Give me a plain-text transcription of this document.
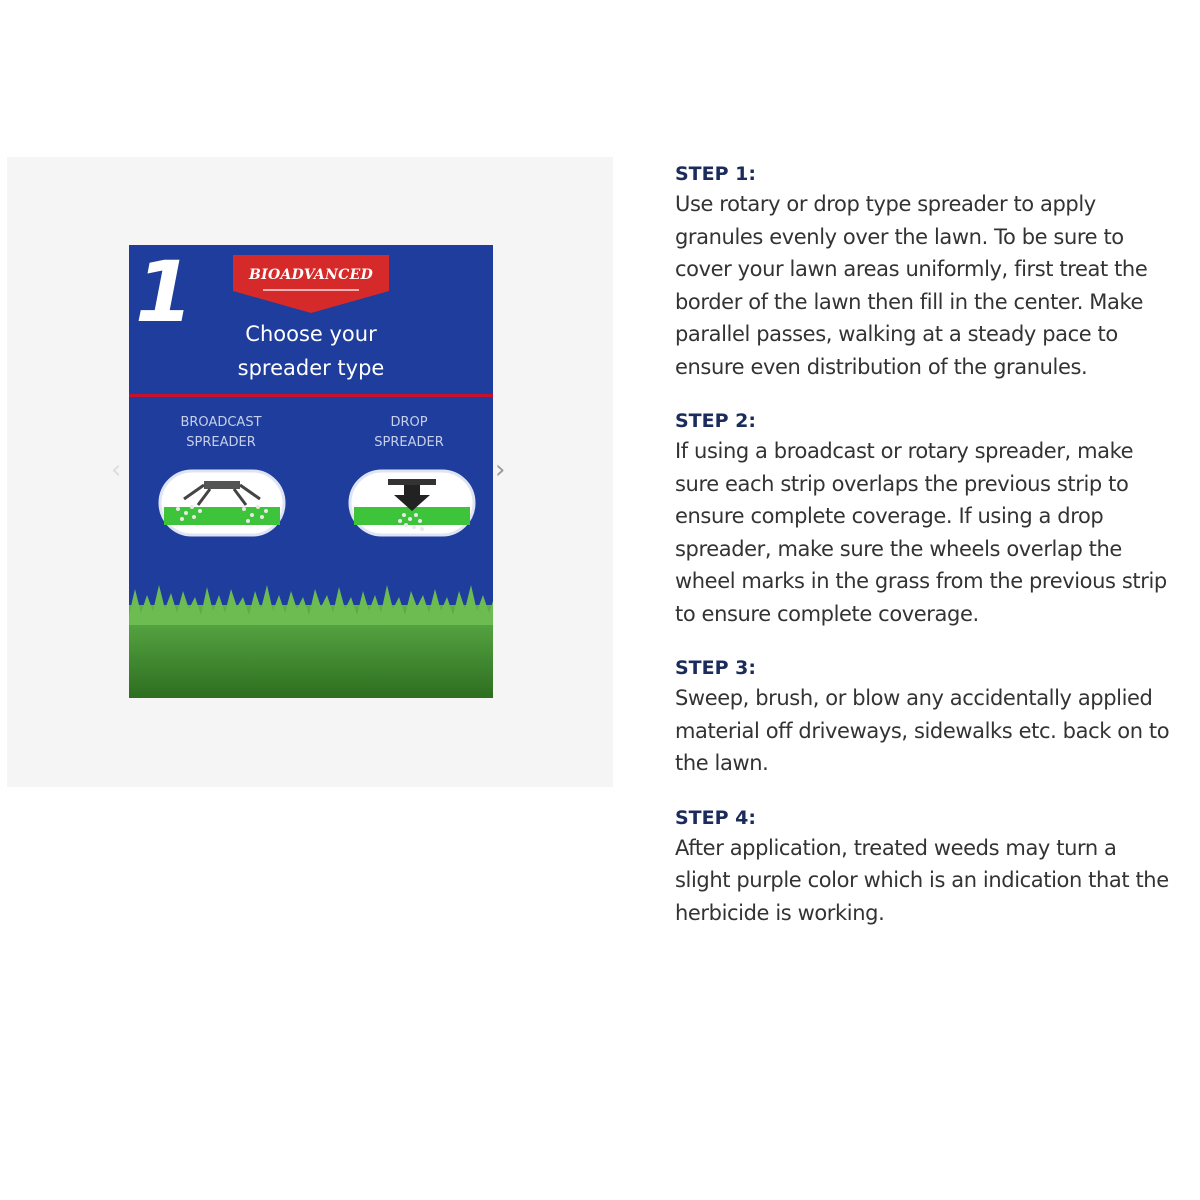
‹	›
1	BIOADVANCED
Choose your
spreader type
BROADCAST
SPREADER
DROP
SPREADER
STEP 1:

Use rotary or drop type spreader to apply granules evenly over the lawn. To be sure to cover your lawn areas uniformly, first treat the border of the lawn then fill in the center. Make parallel passes, walking at a steady pace to ensure even distribution of the granules.

STEP 2:

If using a broadcast or rotary spreader, make sure each strip overlaps the previous strip to ensure complete coverage. If using a drop spreader, make sure the wheels overlap the wheel marks in the grass from the previous strip to ensure complete coverage.

STEP 3:

Sweep, brush, or blow any accidentally applied material off driveways, sidewalks etc. back on to the lawn.

STEP 4:

After application, treated weeds may turn a slight purple color which is an indication that the herbicide is working.
